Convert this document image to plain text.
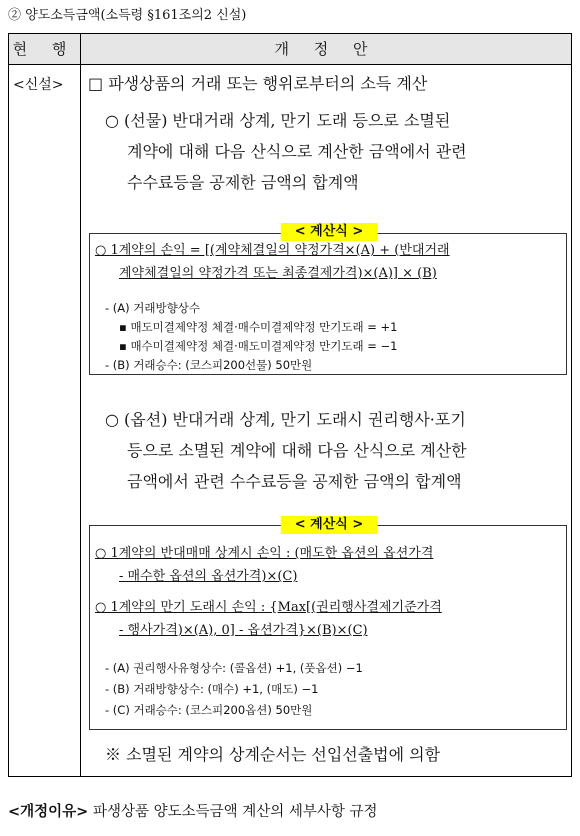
② 양도소득금액(소득령 §161조의2 신설)
현 행	개 정 안
<신설> □ 파생상품의 거래 또는 행위로부터의 소득 계산
○ (선물) 반대거래 상계, 만기 도래 등으로 소멸된
계약에 대해 다음 산식으로 계산한 금액에서 관련
수수료등을 공제한 금액의 합계액
< 계산식 >
○ 1계약의 손익 = [(계약체결일의 약정가격×(A) + (반대거래
계약체결일의 약정가격 또는 최종결제가격)×(A)] × (B)
- (A) 거래방향상수
▪ 매도미결제약정 체결·매수미결제약정 만기도래 = +1
▪ 매수미결제약정 체결·매도미결제약정 만기도래 = −1
- (B) 거래승수: (코스피200선물) 50만원
○ (옵션) 반대거래 상계, 만기 도래시 권리행사·포기
등으로 소멸된 계약에 대해 다음 산식으로 계산한
금액에서 관련 수수료등을 공제한 금액의 합계액
< 계산식 >
○ 1계약의 반대매매 상계시 손익 : (매도한 옵션의 옵션가격
- 매수한 옵션의 옵션가격)×(C)
○ 1계약의 만기 도래시 손익 : {Max[(권리행사결제기준가격
- 행사가격)×(A), 0] - 옵션가격}×(B)×(C)
- (A) 권리행사유형상수: (콜옵션) +1, (풋옵션) −1
- (B) 거래방향상수: (매수) +1, (매도) −1
- (C) 거래승수: (코스피200옵션) 50만원
※ 소멸된 계약의 상계순서는 선입선출법에 의함
<개정이유> 파생상품 양도소득금액 계산의 세부사항 규정
